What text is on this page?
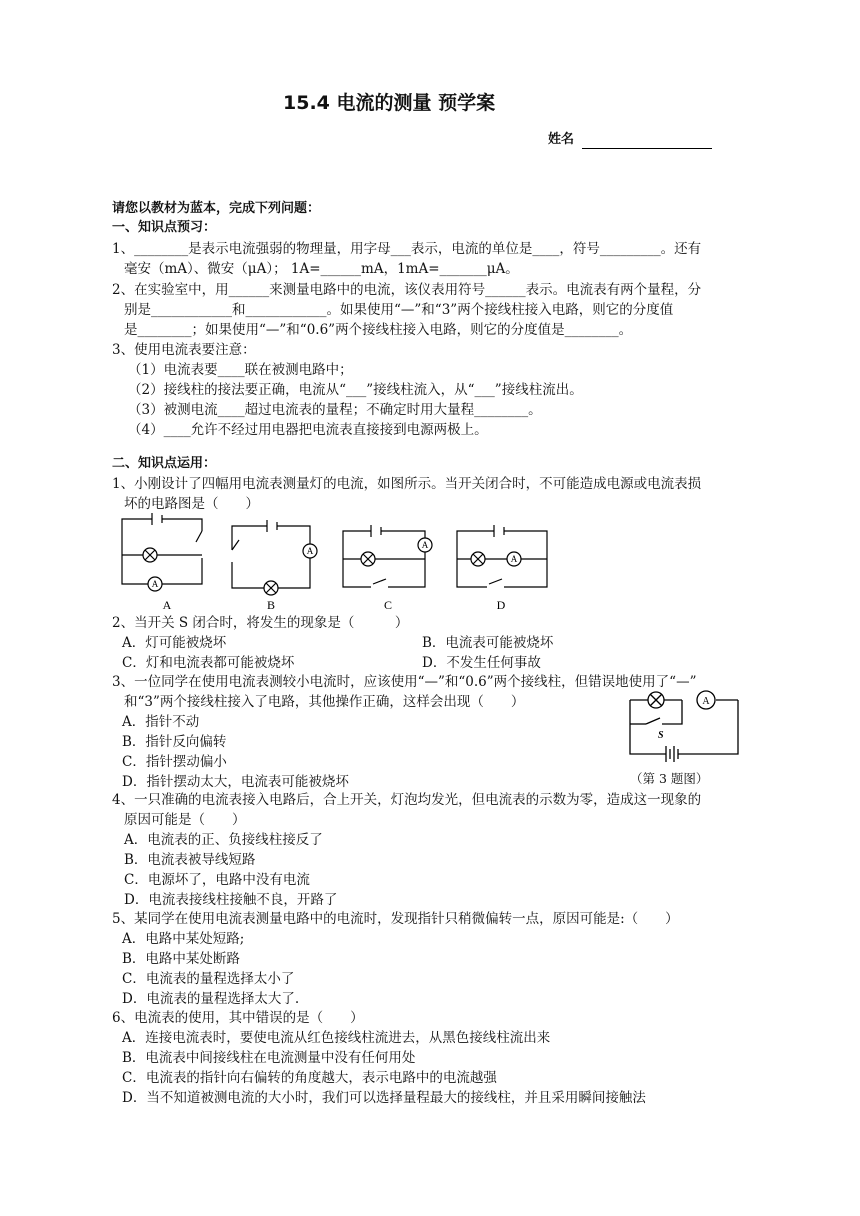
15.4 电流的测量 预学案
姓名
请您以教材为蓝本，完成下列问题：
一、知识点预习：
1、________是表示电流强弱的物理量，用字母___表示，电流的单位是____，符号_________。还有
毫安（mA）、微安（μA）； 1A=______mA，1mA=_______μA。
2、在实验室中，用______来测量电路中的电流，该仪表用符号______表示。电流表有两个量程，分
别是____________和____________。如果使用“—”和“3”两个接线柱接入电路，则它的分度值
是________；如果使用“—”和“0.6”两个接线柱接入电路，则它的分度值是________。
3、使用电流表要注意：
（1）电流表要____联在被测电路中；
（2）接线柱的接法要正确，电流从“___”接线柱流入，从“___”接线柱流出。
（3）被测电流____超过电流表的量程；不确定时用大量程________。
（4）____允许不经过用电器把电流表直接接到电源两极上。
二、知识点运用：
1、小刚设计了四幅用电流表测量灯的电流，如图所示。当开关闭合时，不可能造成电源或电流表损
坏的电路图是（　　）
A
A
A
A
A	B	C	D
2、当开关 S 闭合时，将发生的现象是（　　　）
A．灯可能被烧坏	B．电流表可能被烧坏
C．灯和电流表都可能被烧坏	D．不发生任何事故
3、一位同学在使用电流表测较小电流时，应该使用“—”和“0.6”两个接线柱，但错误地使用了“—”
和“3”两个接线柱接入了电路，其他操作正确，这样会出现（　　）
A．指针不动
B．指针反向偏转
C．指针摆动偏小
D．指针摆动太大，电流表可能被烧坏
A
S
（第 3 题图）
4、一只准确的电流表接入电路后，合上开关，灯泡均发光，但电流表的示数为零，造成这一现象的
原因可能是（　　）
A．电流表的正、负接线柱接反了
B．电流表被导线短路
C．电源坏了，电路中没有电流
D．电流表接线柱接触不良，开路了
5、某同学在使用电流表测量电路中的电流时，发现指针只稍微偏转一点，原因可能是:（　　）
A．电路中某处短路;
B．电路中某处断路
C．电流表的量程选择太小了
D．电流表的量程选择太大了.
6、电流表的使用，其中错误的是（　　）
A．连接电流表时，要使电流从红色接线柱流进去，从黑色接线柱流出来
B．电流表中间接线柱在电流测量中没有任何用处
C．电流表的指针向右偏转的角度越大，表示电路中的电流越强
D．当不知道被测电流的大小时，我们可以选择量程最大的接线柱，并且采用瞬间接触法
